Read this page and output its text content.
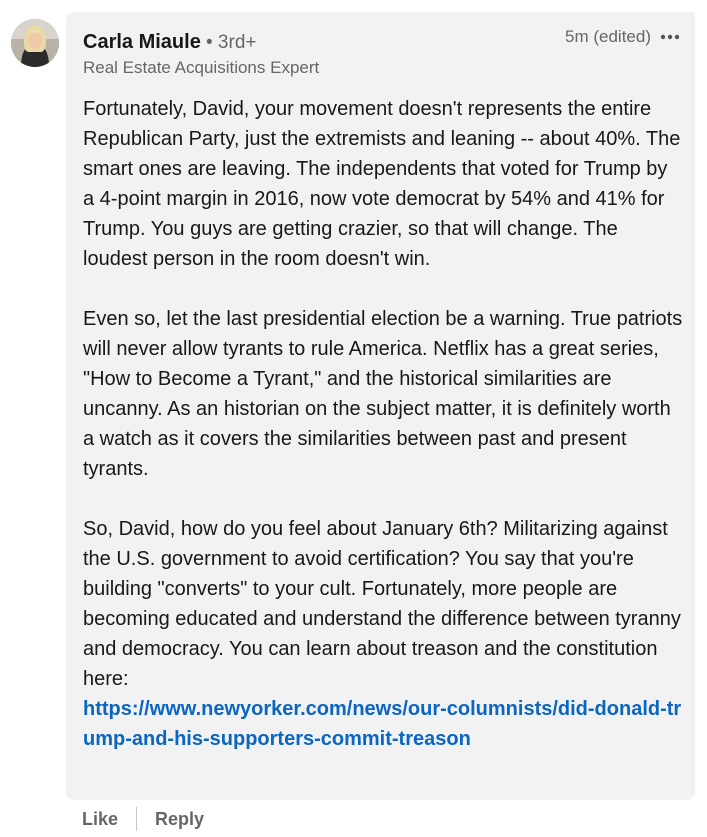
Carla Miaule • 3rd+
Real Estate Acquisitions Expert
5m (edited)

Fortunately, David, your movement doesn't represents the entire Republican Party, just the extremists and leaning -- about 40%. The smart ones are leaving. The independents that voted for Trump by a 4-point margin in 2016, now vote democrat by 54% and 41% for Trump. You guys are getting crazier, so that will change. The loudest person in the room doesn't win.

Even so, let the last presidential election be a warning. True patriots will never allow tyrants to rule America. Netflix has a great series, "How to Become a Tyrant," and the historical similarities are uncanny. As an historian on the subject matter, it is definitely worth a watch as it covers the similarities between past and present tyrants.

So, David, how do you feel about January 6th? Militarizing against the U.S. government to avoid certification? You say that you're building "converts" to your cult. Fortunately, more people are becoming educated and understand the difference between tyranny and democracy. You can learn about treason and the constitution here:
https://www.newyorker.com/news/our-columnists/did-donald-trump-and-his-supporters-commit-treason

Like Reply
